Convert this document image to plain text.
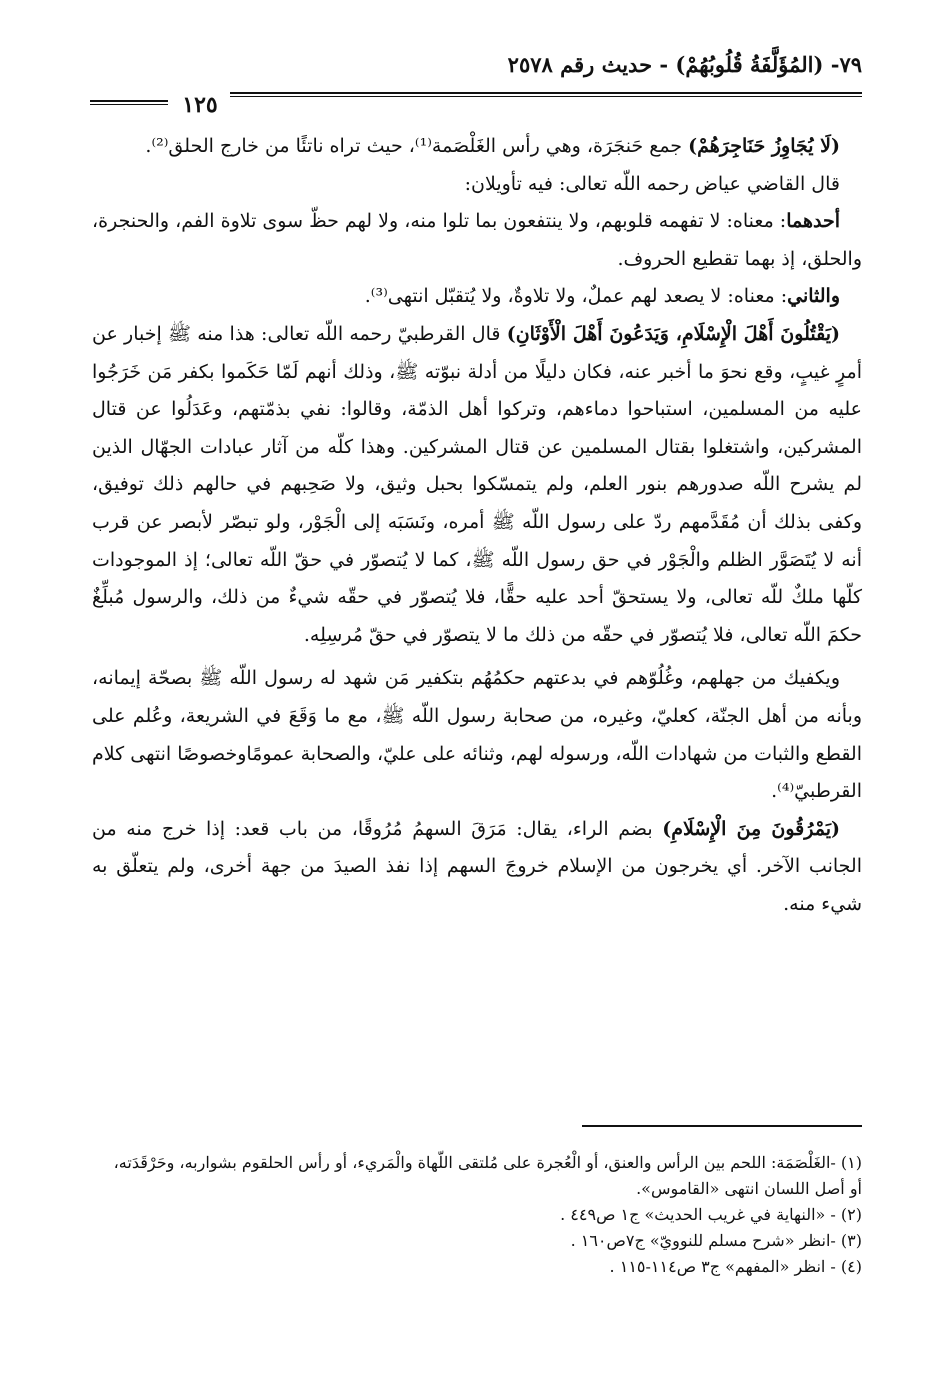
٧٩- (المُؤَلَّفَةُ قُلُوبُهُمْ) - حديث رقم ٢٥٧٨
١٢٥

(لَا يُجَاوِزُ حَنَاجِرَهُمْ) جمع حَنجَرَة، وهي رأس الغَلْصَمة⁽¹⁾، حيث تراه ناتئًا من خارج الحلق⁽²⁾.

قال القاضي عياض رحمه اللّه تعالى: فيه تأويلان:

أحدهما: معناه: لا تفهمه قلوبهم، ولا ينتفعون بما تلوا منه، ولا لهم حظّ سوى تلاوة الفم، والحنجرة، والحلق، إذ بهما تقطيع الحروف.

والثاني: معناه: لا يصعد لهم عملٌ، ولا تلاوةٌ، ولا يُتقبّل انتهى⁽³⁾.

(يَقْتُلُونَ أَهْلَ الْإِسْلَامِ، وَيَدَعُونَ أَهْلَ الْأَوْثَانِ) قال القرطبيّ رحمه اللّه تعالى: هذا منه ﷺ إخبار عن أمرٍ غيبٍ، وقع نحوَ ما أخبر عنه، فكان دليلًا من أدلة نبوّته ﷺ، وذلك أنهم لَمّا حَكَموا بكفر مَن خَرَجُوا عليه من المسلمين، استباحوا دماءهم، وتركوا أهل الذمّة، وقالوا: نفي بذمّتهم، وعَدَلُوا عن قتال المشركين، واشتغلوا بقتال المسلمين عن قتال المشركين. وهذا كلّه من آثار عبادات الجهّال الذين لم يشرح اللّه صدورهم بنور العلم، ولم يتمسّكوا بحبل وثيق، ولا صَحِبهم في حالهم ذلك توفيق، وكفى بذلك أن مُقَدَّمهم ردّ على رسول اللّه ﷺ أمره، ونَسَبَه إلى الْجَوْر، ولو تبصّر لأبصر عن قرب أنه لا يُتَصَوَّر الظلم والْجَوْر في حق رسول اللّه ﷺ، كما لا يُتصوّر في حقّ اللّه تعالى؛ إذ الموجودات كلّها ملكٌ للّه تعالى، ولا يستحقّ أحد عليه حقًّا، فلا يُتصوّر في حقّه شيءٌ من ذلك، والرسول مُبلِّغٌ حكمَ اللّه تعالى، فلا يُتصوّر في حقّه من ذلك ما لا يتصوّر في حقّ مُرسِلِه.

ويكفيك من جهلهم، وغُلُوّهم في بدعتهم حكمُهُم بتكفير مَن شهد له رسول اللّه ﷺ بصحّة إيمانه، وبأنه من أهل الجنّة، كعليّ، وغيره، من صحابة رسول اللّه ﷺ، مع ما وَقَعَ في الشريعة، وعُلم على القطع والثبات من شهادات اللّه، ورسوله لهم، وثنائه على عليّ، والصحابة عمومًاوخصوصًا انتهى كلام القرطبيّ⁽⁴⁾.

(يَمْرُقُونَ مِنَ الْإِسْلَامِ) بضم الراء، يقال: مَرَقَ السهمُ مُرُوقًا، من باب قعد: إذا خرج منه من الجانب الآخر. أي يخرجون من الإسلام خروجَ السهم إذا نفذ الصيدَ من جهة أخرى، ولم يتعلّق به شيء منه.

(١) -الغَلْصَمَة: اللحم بين الرأس والعنق، أو الْعُجرة على مُلتقى اللّهاة والْمَريء، أو رأس الحلقوم بشواربه، وحَرْقَدَته، أو أصل اللسان انتهى «القاموس».

(٢) - «النهاية في غريب الحديث» ج١ ص٤٤٩ .

(٣) -انظر «شرح مسلم للنوويّ» ج٧ص١٦٠ .

(٤) - انظر «المفهم» ج٣ ص١١٤-١١٥ .
